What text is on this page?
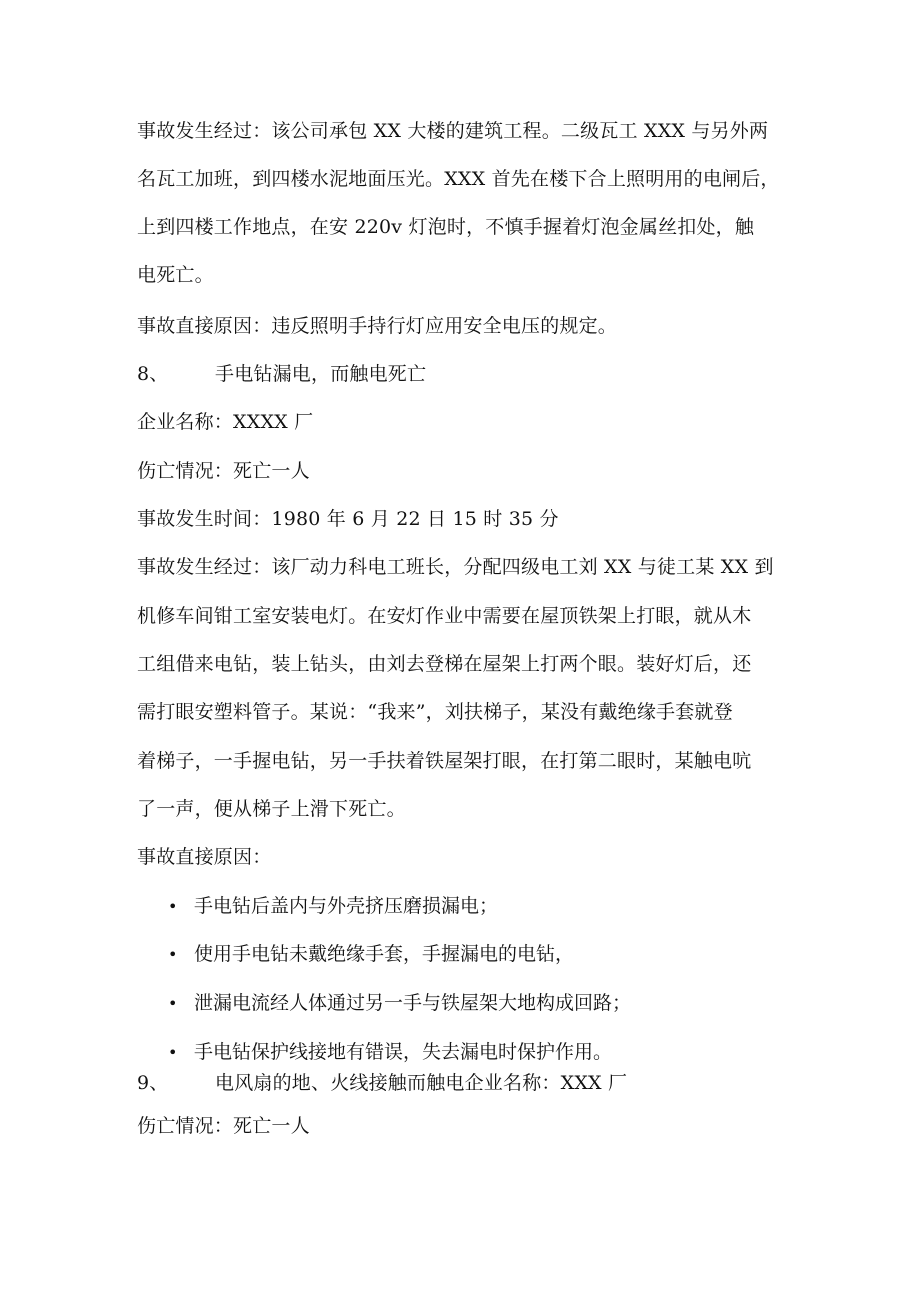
事故发生经过：该公司承包 XX 大楼的建筑工程。二级瓦工 XXX 与另外两
名瓦工加班，到四楼水泥地面压光。XXX 首先在楼下合上照明用的电闸后，
上到四楼工作地点，在安 220v 灯泡时，不慎手握着灯泡金属丝扣处，触
电死亡。
事故直接原因：违反照明手持行灯应用安全电压的规定。
8、 手电钻漏电，而触电死亡
企业名称：XXXX 厂
伤亡情况：死亡一人
事故发生时间：1980 年 6 月 22 日 15 时 35 分
事故发生经过：该厂动力科电工班长，分配四级电工刘 XX 与徒工某 XX 到
机修车间钳工室安装电灯。在安灯作业中需要在屋顶铁架上打眼，就从木
工组借来电钻，装上钻头，由刘去登梯在屋架上打两个眼。装好灯后，还
需打眼安塑料管子。某说：“我来”，刘扶梯子，某没有戴绝缘手套就登
着梯子，一手握电钻，另一手扶着铁屋架打眼，在打第二眼时，某触电吭
了一声，便从梯子上滑下死亡。
事故直接原因：
• 手电钻后盖内与外壳挤压磨损漏电；
• 使用手电钻未戴绝缘手套，手握漏电的电钻，
• 泄漏电流经人体通过另一手与铁屋架大地构成回路；
• 手电钻保护线接地有错误，失去漏电时保护作用。
9、 电风扇的地、火线接触而触电企业名称：XXX 厂
伤亡情况：死亡一人
